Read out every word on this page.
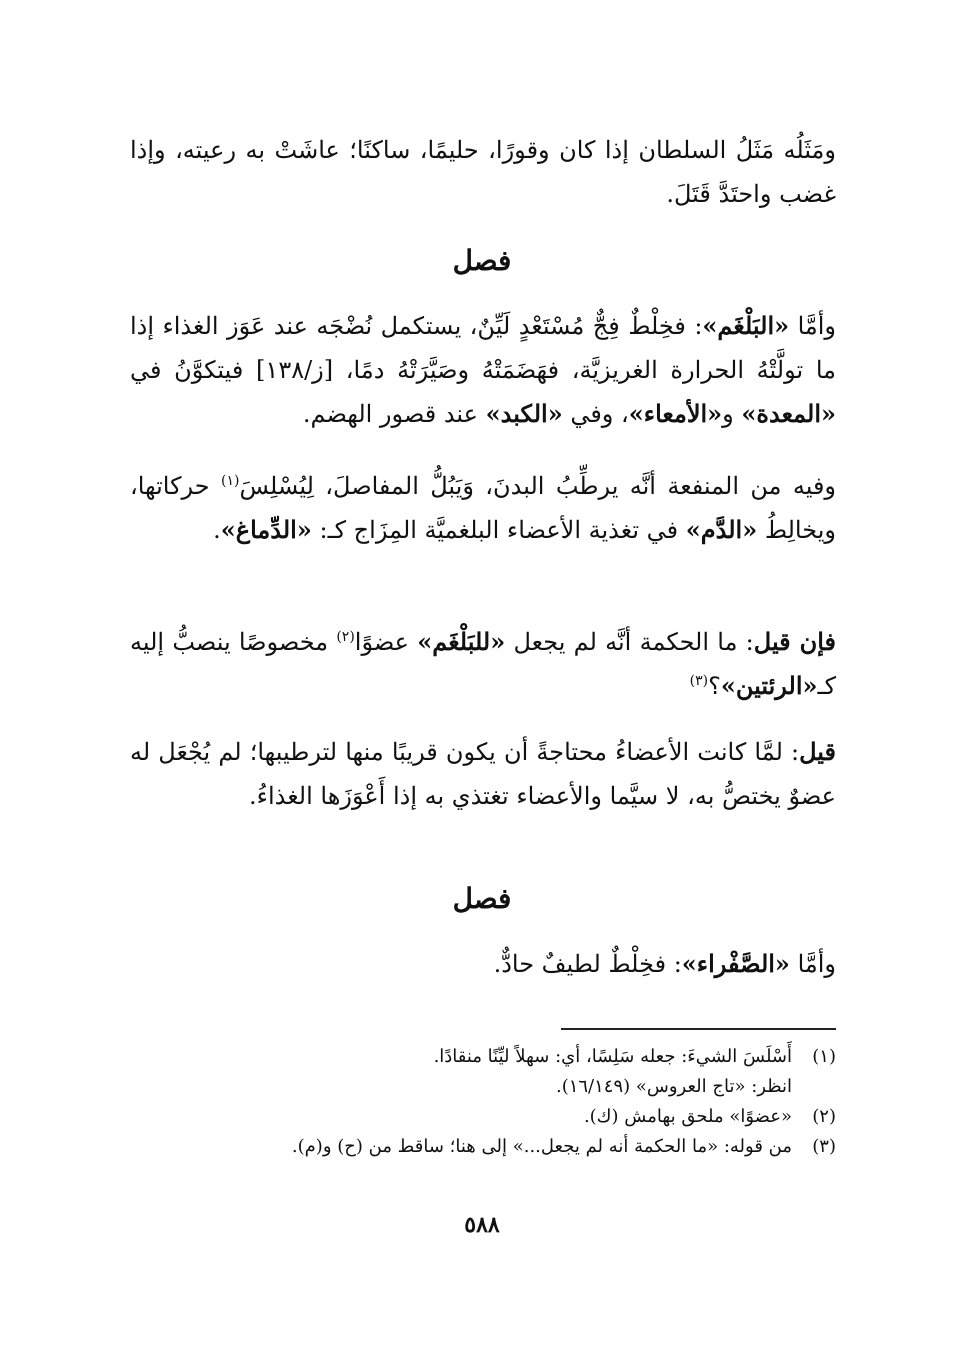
ومَثَلُه مَثَلُ السلطان إذا كان وقورًا، حليمًا، ساكنًا؛ عاشَتْ به رعيته، وإذا غضب واحتَدَّ قَتَلَ.

فصل

وأمَّا «البَلْغَم»: فخِلْطٌ فِجٌّ مُسْتَعْدٍ لَيِّنٌ، يستكمل نُضْجَه عند عَوَز الغذاء إذا ما تولَّتْهُ الحرارة الغريزيَّة، فهَضَمَتْهُ وصَيَّرَتْهُ دمًا، [ز/١٣٨] فيتكوَّنُ في «المعدة» و«الأمعاء»، وفي «الكبد» عند قصور الهضم.

وفيه من المنفعة أنَّه يرطِّبُ البدنَ، وَيَبُلُّ المفاصلَ، لِيُسْلِسَ$^{(١)}$ حركاتها، ويخالِطُ «الدَّم» في تغذية الأعضاء البلغميَّة المِزَاج كـ: «الدِّماغ».

فإن قيل: ما الحكمة أنَّه لم يجعل «للبَلْغَم» عضوًا$^{(٢)}$ مخصوصًا ينصبُّ إليه كـ«الرئتين»؟$^{(٣)}$

قيل: لمَّا كانت الأعضاءُ محتاجةً أن يكون قريبًا منها لترطيبها؛ لم يُجْعَل له عضوٌ يختصُّ به، لا سيَّما والأعضاء تغتذي به إذا أَعْوَزَها الغذاءُ.

فصل

وأمَّا «الصَّفْراء»: فخِلْطٌ لطيفٌ حادٌّ.

(١)
أَسْلَسَ الشيءَ: جعله سَلِسًا، أي: سهلاً ليِّنًا منقادًا.
انظر: «تاج العروس» (١٦/١٤٩).
(٢)
«عضوًا» ملحق بهامش (ك).
(٣)
من قوله: «ما الحكمة أنه لم يجعل...» إلى هنا؛ ساقط من (ح) و(م).
٥٨٨
